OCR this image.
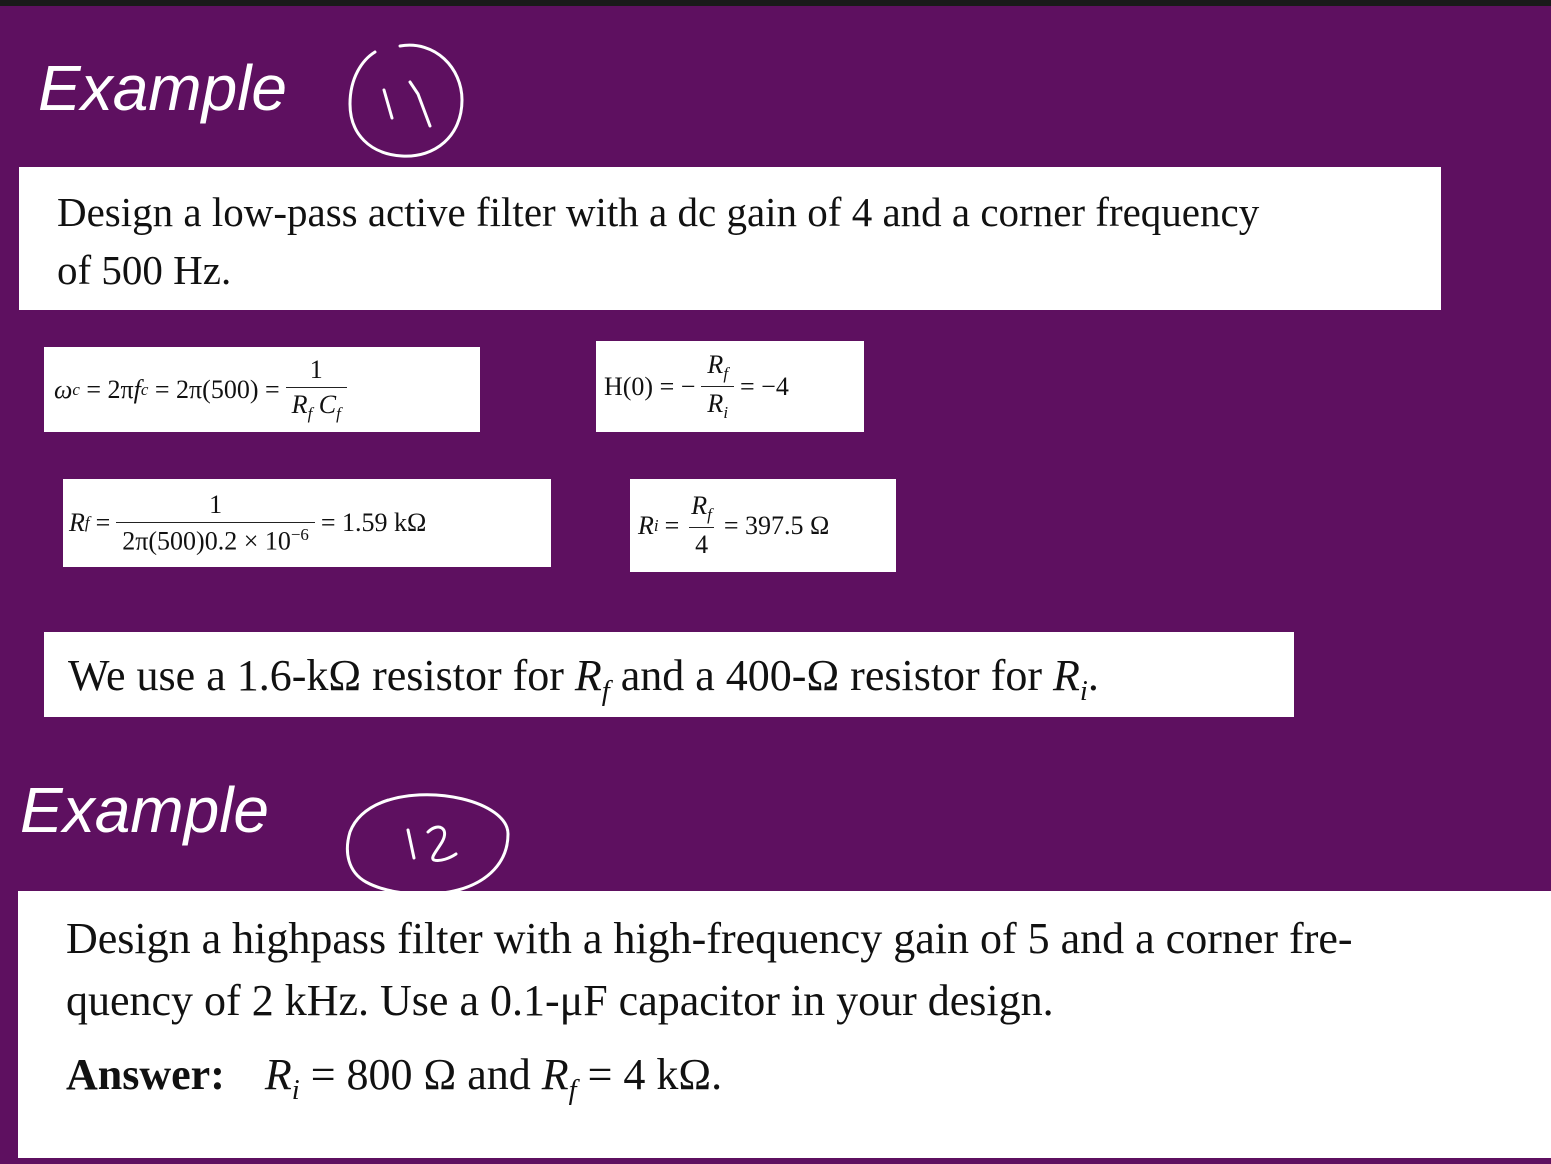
Example
Design a low-pass active filter with a dc gain of 4 and a corner frequency
of 500 Hz.
ω c = 2π f $c = 2\pi(500) = \frac{1}{R_f C_f}$	H(0) = − $\frac{R_f}{R_i} = -4$
R $f = \frac{1}{2\pi(500)0.2 \times 10^{-6}} = 1.59$ kΩ	R $i = \frac{R_f}{4} = 397.5$ Ω
We use a 1.6-kΩ resistor for $R_f$ and a 400-Ω resistor for $R_i$.
Example
Design a highpass filter with a high-frequency gain of 5 and a corner fre-
quency of 2 kHz. Use a 0.1-μF capacitor in your design.
Answer: $R_i = 800$ Ω and $R_f = 4$ kΩ.
